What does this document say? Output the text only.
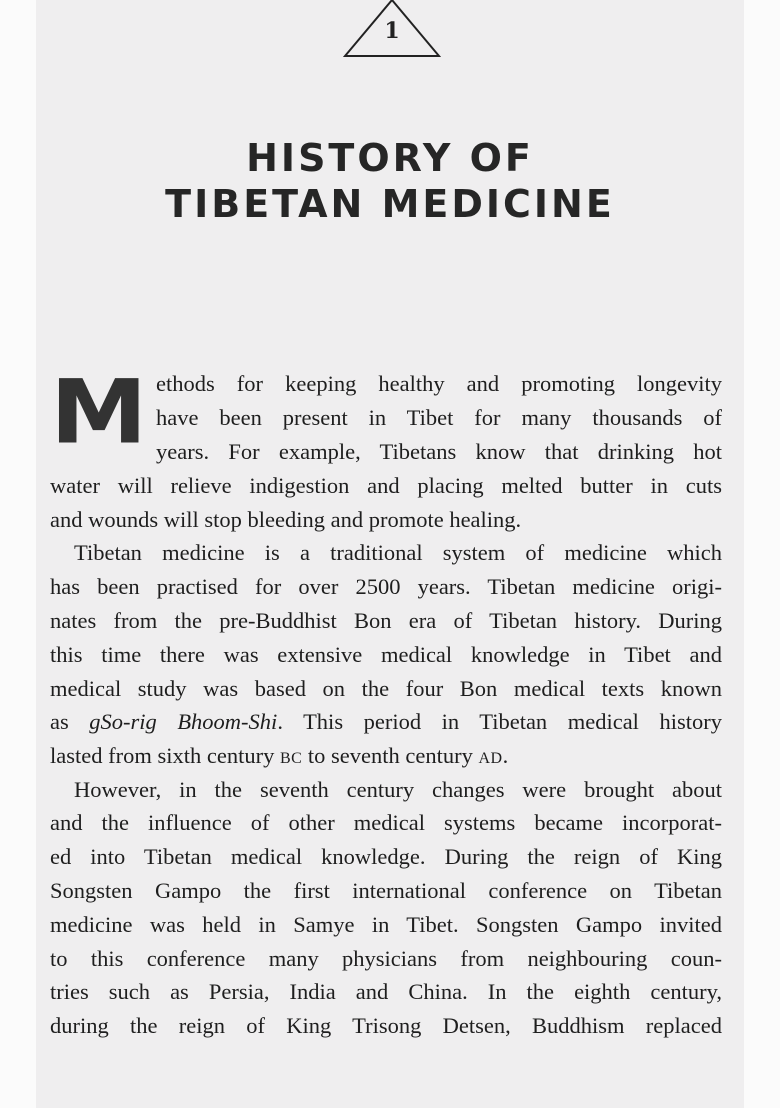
1
HISTORY OF
TIBETAN MEDICINE
M ethods for keeping healthy and promoting longevity
have been present in Tibet for many thousands of
years. For example, Tibetans know that drinking hot
water will relieve indigestion and placing melted butter in cuts
and wounds will stop bleeding and promote healing.
Tibetan medicine is a traditional system of medicine which
has been practised for over 2500 years. Tibetan medicine origi-
nates from the pre-Buddhist Bon era of Tibetan history. During
this time there was extensive medical knowledge in Tibet and
medical study was based on the four Bon medical texts known
as gSo-rig Bhoom-Shi. This period in Tibetan medical history
lasted from sixth century BC to seventh century AD.
However, in the seventh century changes were brought about
and the influence of other medical systems became incorporat-
ed into Tibetan medical knowledge. During the reign of King
Songsten Gampo the first international conference on Tibetan
medicine was held in Samye in Tibet. Songsten Gampo invited
to this conference many physicians from neighbouring coun-
tries such as Persia, India and China. In the eighth century,
during the reign of King Trisong Detsen, Buddhism replaced
